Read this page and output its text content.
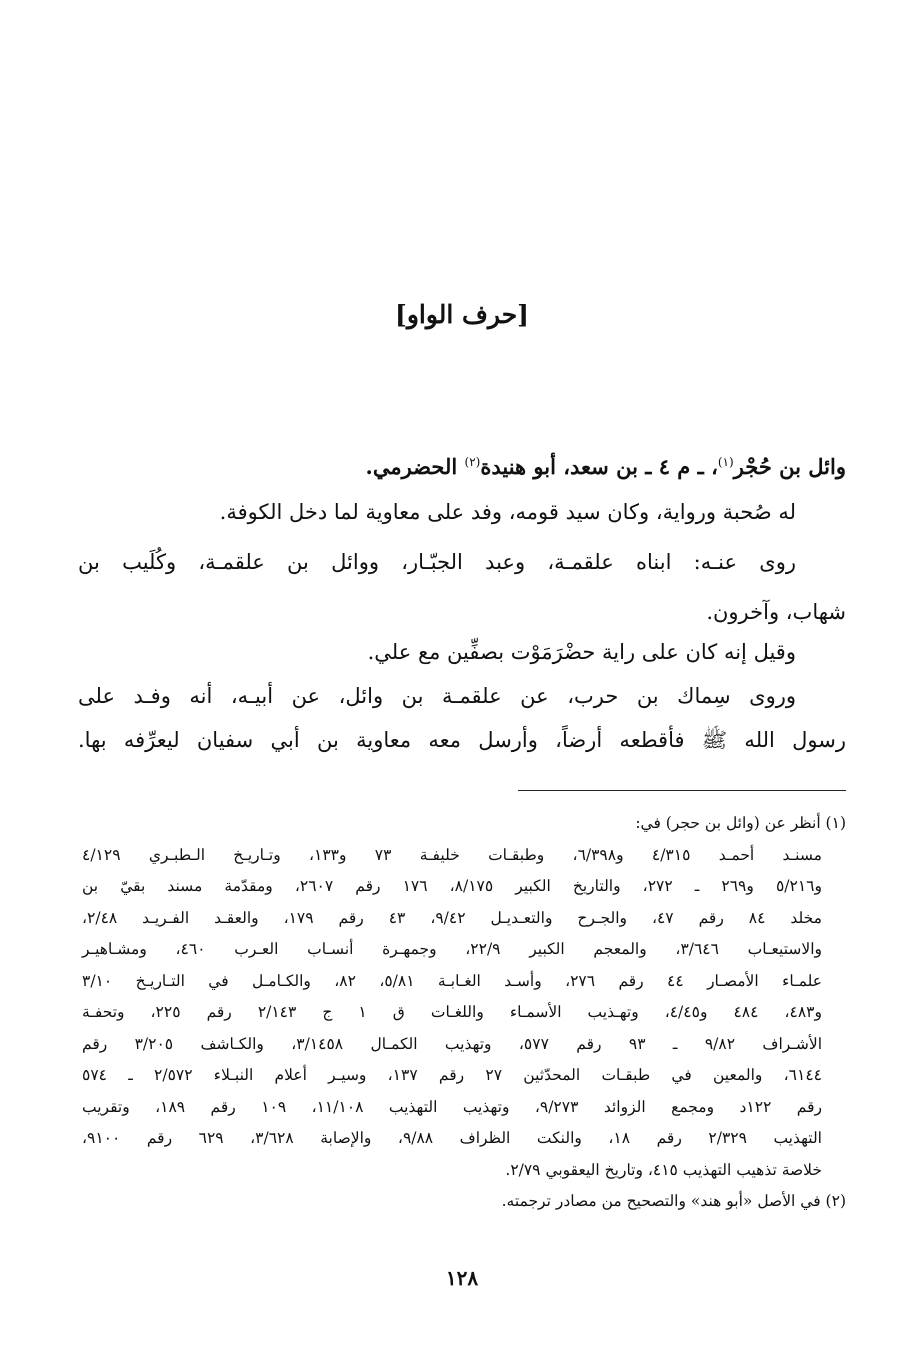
[حرف الواو]
وائل بن حُجْر$^{(١)}$، ـ م ٤ ـ بن سعد، أبو هنيدة$^{(٢)}$ الحضرمي.
له صُحبة ورواية، وكان سيد قومه، وفد على معاوية لما دخل الكوفة.
روى عنـه: ابناه علقمـة، وعبد الجبّـار، ووائل بن علقمـة، وكُلَيب بن
شهاب، وآخرون.
وقيل إنه كان على راية حضْرَمَوْت بصفِّين مع علي.
وروى سِماك بن حرب، عن علقمـة بن وائل، عن أبيـه، أنه وفـد على
رسول الله ﷺ فأقطعه أرضاً، وأرسل معه معاوية بن أبي سفيان ليعرِّفه بها.
(١) أنظر عن (وائل بن حجر) في:
مسنـد أحمـد ٤/٣١٥ و٦/٣٩٨، وطبقـات خليفـة ٧٣ و١٣٣، وتـاريـخ الـطبـري ٤/١٢٩
و٥/٢١٦ و٢٦٩ ـ ٢٧٢، والتاريخ الكبير ٨/١٧٥، ١٧٦ رقم ٢٦٠٧، ومقدّمة مسند بقيّ بن
مخلد ٨٤ رقم ٤٧، والجـرح والتعـديـل ٩/٤٢، ٤٣ رقم ١٧٩، والعقـد الفـريـد ٢/٤٨،
والاستيعـاب ٣/٦٤٦، والمعجم الكبير ٢٢/٩، وجمهـرة أنسـاب العـرب ٤٦٠، ومشـاهيـر
علمـاء الأمصـار ٤٤ رقم ٢٧٦، وأسـد الغـابـة ٥/٨١، ٨٢، والكـامـل في التـاريـخ ٣/١٠
و٤٨٣، ٤٨٤ و٤/٤٥، وتهـذيب الأسمـاء واللغـات ق ١ ج ٢/١٤٣ رقم ٢٢٥، وتحفـة
الأشـراف ٩/٨٢ ـ ٩٣ رقم ٥٧٧، وتهذيب الكمـال ٣/١٤٥٨، والكـاشف ٣/٢٠٥ رقم
٦١٤٤، والمعين في طبقـات المحدّثين ٢٧ رقم ١٣٧، وسيـر أعلام النبـلاء ٢/٥٧٢ ـ ٥٧٤
رقم ١٢٢د ومجمع الزوائد ٩/٢٧٣، وتهذيب التهذيب ١١/١٠٨، ١٠٩ رقم ١٨٩، وتقريب
التهذيب ٢/٣٢٩ رقم ١٨، والنكت الظراف ٩/٨٨، والإصابة ٣/٦٢٨، ٦٢٩ رقم ٩١٠٠،
خلاصة تذهيب التهذيب ٤١٥، وتاريخ اليعقوبي ٢/٧٩.
(٢) في الأصل «أبو هند» والتصحيح من مصادر ترجمته.
١٢٨
